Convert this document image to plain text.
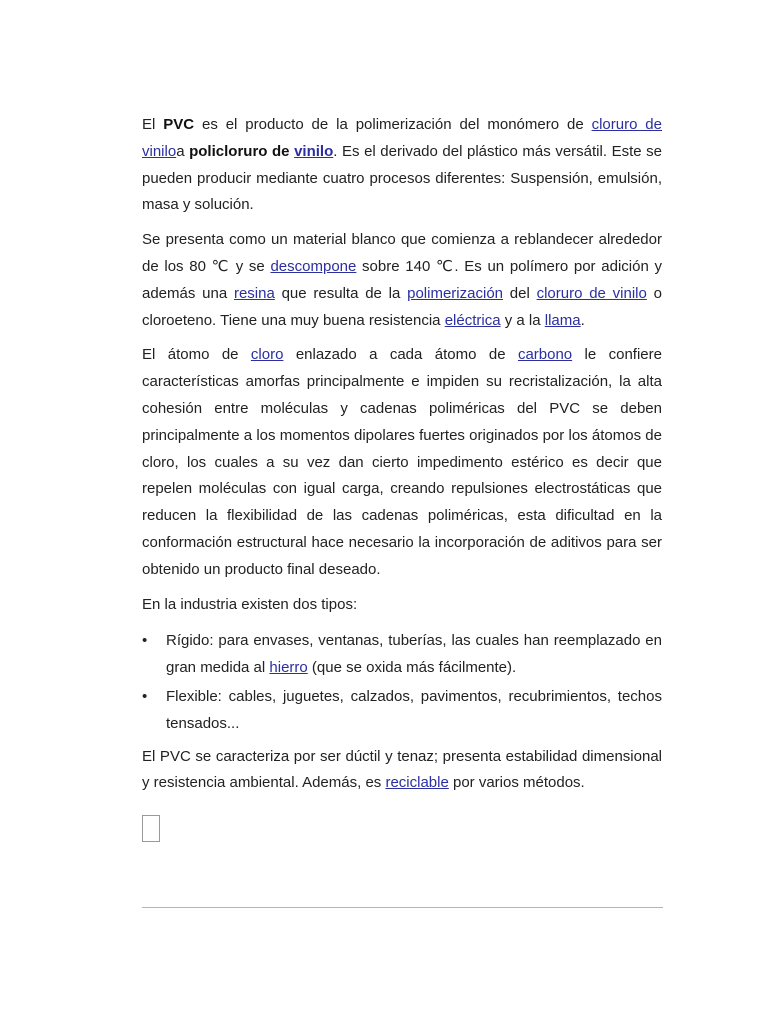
El PVC es el producto de la polimerización del monómero de cloruro de viniloa policloruro de vinilo. Es el derivado del plástico más versátil. Este se pueden producir mediante cuatro procesos diferentes: Suspensión, emulsión, masa y solución.

Se presenta como un material blanco que comienza a reblandecer alrededor de los 80 ℃ y se descompone sobre 140 ℃. Es un polímero por adición y además una resina que resulta de la polimerización del cloruro de vinilo o cloroeteno. Tiene una muy buena resistencia eléctrica y a la llama.

El átomo de cloro enlazado a cada átomo de carbono le confiere características amorfas principalmente e impiden su recristalización, la alta cohesión entre moléculas y cadenas poliméricas del PVC se deben principalmente a los momentos dipolares fuertes originados por los átomos de cloro, los cuales a su vez dan cierto impedimento estérico es decir que repelen moléculas con igual carga, creando repulsiones electrostáticas que reducen la flexibilidad de las cadenas poliméricas, esta dificultad en la conformación estructural hace necesario la incorporación de aditivos para ser obtenido un producto final deseado.

En la industria existen dos tipos:

•	Rígido: para envases, ventanas, tuberías, las cuales han reemplazado en gran medida al hierro (que se oxida más fácilmente).
•	Flexible: cables, juguetes, calzados, pavimentos, recubrimientos, techos tensados...

El PVC se caracteriza por ser dúctil y tenaz; presenta estabilidad dimensional y resistencia ambiental. Además, es reciclable por varios métodos.
